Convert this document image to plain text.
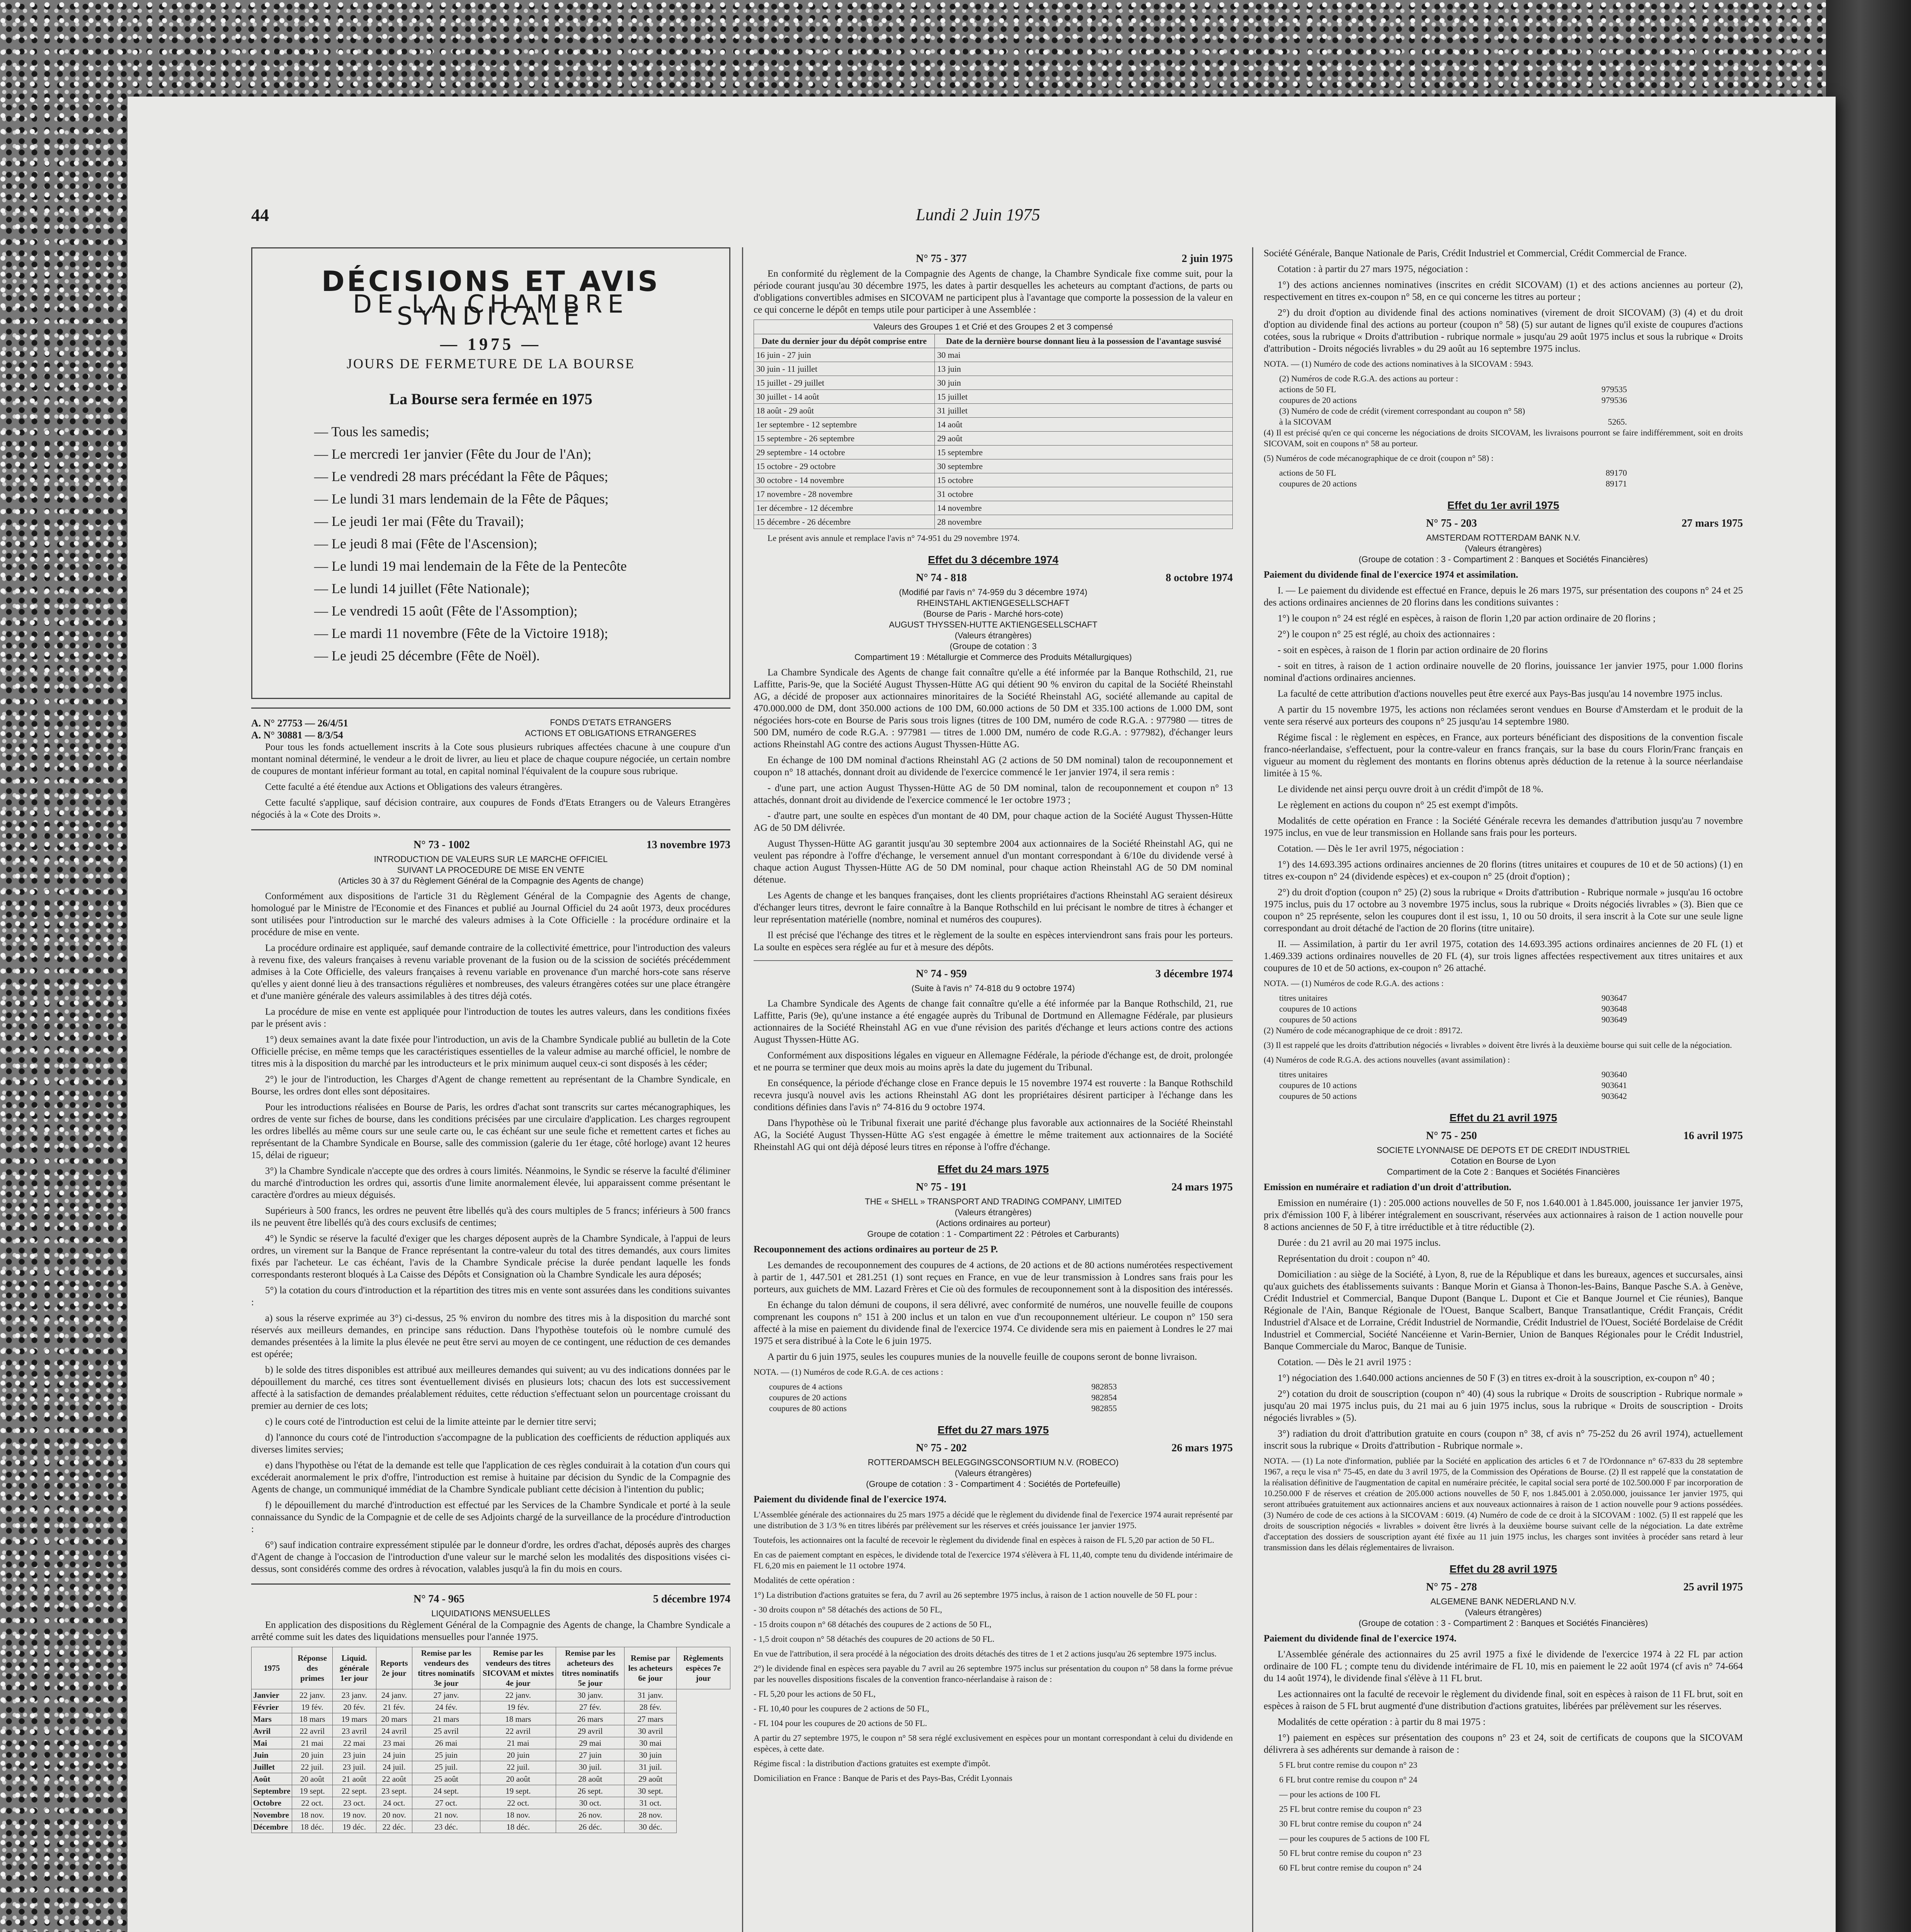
44	Lundi 2 Juin 1975
DÉCISIONS ET AVIS
DE LA CHAMBRE SYNDICALE
— 1975 —
JOURS DE FERMETURE DE LA BOURSE
La Bourse sera fermée en 1975
— Tous les samedis;
— Le mercredi 1er janvier (Fête du Jour de l'An);
— Le vendredi 28 mars précédant la Fête de Pâques;
— Le lundi 31 mars lendemain de la Fête de Pâques;
— Le jeudi 1er mai (Fête du Travail);
— Le jeudi 8 mai (Fête de l'Ascension);
— Le lundi 19 mai lendemain de la Fête de la Pentecôte
— Le lundi 14 juillet (Fête Nationale);
— Le vendredi 15 août (Fête de l'Assomption);
— Le mardi 11 novembre (Fête de la Victoire 1918);
— Le jeudi 25 décembre (Fête de Noël).
A. N° 27753 — 26/4/51
A. N° 30881 — 8/3/54
FONDS D'ETATS ETRANGERS
ACTIONS ET OBLIGATIONS ETRANGERES

Pour tous les fonds actuellement inscrits à la Cote sous plusieurs rubriques affectées chacune à une coupure d'un montant nominal déterminé, le vendeur a le droit de livrer, au lieu et place de chaque coupure négociée, un certain nombre de coupures de montant inférieur formant au total, en capital nominal l'équivalent de la coupure sous rubrique.

Cette faculté a été étendue aux Actions et Obligations des valeurs étrangères.

Cette faculté s'applique, sauf décision contraire, aux coupures de Fonds d'Etats Etrangers ou de Valeurs Etrangères négociés à la « Cote des Droits ».

N° 73 - 1002	13 novembre 1973
INTRODUCTION DE VALEURS SUR LE MARCHE OFFICIEL
SUIVANT LA PROCEDURE DE MISE EN VENTE
(Articles 30 à 37 du Règlement Général de la Compagnie des Agents de change)

Conformément aux dispositions de l'article 31 du Règlement Général de la Compagnie des Agents de change, homologué par le Ministre de l'Economie et des Finances et publié au Journal Officiel du 24 août 1973, deux procédures sont utilisées pour l'introduction sur le marché des valeurs admises à la Cote Officielle : la procédure ordinaire et la procédure de mise en vente.

La procédure ordinaire est appliquée, sauf demande contraire de la collectivité émettrice, pour l'introduction des valeurs à revenu fixe, des valeurs françaises à revenu variable provenant de la fusion ou de la scission de sociétés précédemment admises à la Cote Officielle, des valeurs françaises à revenu variable en provenance d'un marché hors-cote sans réserve qu'elles y aient donné lieu à des transactions régulières et nombreuses, des valeurs étrangères cotées sur une place étrangère et d'une manière générale des valeurs assimilables à des titres déjà cotés.

La procédure de mise en vente est appliquée pour l'introduction de toutes les autres valeurs, dans les conditions fixées par le présent avis :

1°) deux semaines avant la date fixée pour l'introduction, un avis de la Chambre Syndicale publié au bulletin de la Cote Officielle précise, en même temps que les caractéristiques essentielles de la valeur admise au marché officiel, le nombre de titres mis à la disposition du marché par les introducteurs et le prix minimum auquel ceux-ci sont disposés à les céder;

2°) le jour de l'introduction, les Charges d'Agent de change remettent au représentant de la Chambre Syndicale, en Bourse, les ordres dont elles sont dépositaires.

Pour les introductions réalisées en Bourse de Paris, les ordres d'achat sont transcrits sur cartes mécanographiques, les ordres de vente sur fiches de bourse, dans les conditions précisées par une circulaire d'application. Les charges regroupent les ordres libellés au même cours sur une seule carte ou, le cas échéant sur une seule fiche et remettent cartes et fiches au représentant de la Chambre Syndicale en Bourse, salle des commission (galerie du 1er étage, côté horloge) avant 12 heures 15, délai de rigueur;

3°) la Chambre Syndicale n'accepte que des ordres à cours limités. Néanmoins, le Syndic se réserve la faculté d'éliminer du marché d'introduction les ordres qui, assortis d'une limite anormalement élevée, lui apparaissent comme présentant le caractère d'ordres au mieux déguisés.

Supérieurs à 500 francs, les ordres ne peuvent être libellés qu'à des cours multiples de 5 francs; inférieurs à 500 francs ils ne peuvent être libellés qu'à des cours exclusifs de centimes;

4°) le Syndic se réserve la faculté d'exiger que les charges déposent auprès de la Chambre Syndicale, à l'appui de leurs ordres, un virement sur la Banque de France représentant la contre-valeur du total des titres demandés, aux cours limites fixés par l'acheteur. Le cas échéant, l'avis de la Chambre Syndicale précise la durée pendant laquelle les fonds correspondants resteront bloqués à La Caisse des Dépôts et Consignation où la Chambre Syndicale les aura déposés;

5°) la cotation du cours d'introduction et la répartition des titres mis en vente sont assurées dans les conditions suivantes :

a) sous la réserve exprimée au 3°) ci-dessus, 25 % environ du nombre des titres mis à la disposition du marché sont réservés aux meilleurs demandes, en principe sans réduction. Dans l'hypothèse toutefois où le nombre cumulé des demandes présentées à la limite la plus élevée ne peut être servi au moyen de ce contingent, une réduction de ces demandes est opérée;

b) le solde des titres disponibles est attribué aux meilleures demandes qui suivent; au vu des indications données par le dépouillement du marché, ces titres sont éventuellement divisés en plusieurs lots; chacun des lots est successivement affecté à la satisfaction de demandes préalablement réduites, cette réduction s'effectuant selon un pourcentage croissant du premier au dernier de ces lots;

c) le cours coté de l'introduction est celui de la limite atteinte par le dernier titre servi;

d) l'annonce du cours coté de l'introduction s'accompagne de la publication des coefficients de réduction appliqués aux diverses limites servies;

e) dans l'hypothèse ou l'état de la demande est telle que l'application de ces règles conduirait à la cotation d'un cours qui excéderait anormalement le prix d'offre, l'introduction est remise à huitaine par décision du Syndic de la Compagnie des Agents de change, un communiqué immédiat de la Chambre Syndicale publiant cette décision à l'intention du public;

f) le dépouillement du marché d'introduction est effectué par les Services de la Chambre Syndicale et porté à la seule connaissance du Syndic de la Compagnie et de celle de ses Adjoints chargé de la surveillance de la procédure d'introduction :

6°) sauf indication contraire expressément stipulée par le donneur d'ordre, les ordres d'achat, déposés auprès des charges d'Agent de change à l'occasion de l'introduction d'une valeur sur le marché selon les modalités des dispositions visées ci-dessus, sont considérés comme des ordres à révocation, valables jusqu'à la fin du mois en cours.

N° 74 - 965	5 décembre 1974
LIQUIDATIONS MENSUELLES

En application des dispositions du Règlement Général de la Compagnie des Agents de change, la Chambre Syndicale a arrêté comme suit les dates des liquidations mensuelles pour l'année 1975.

1975	Réponse des primes	Liquid. générale 1er jour	Reports 2e jour	Remise par les vendeurs des titres nominatifs 3e jour	Remise par les vendeurs des titres SICOVAM et mixtes 4e jour	Remise par les acheteurs des titres nominatifs 5e jour	Remise par les acheteurs 6e jour	Règlements espèces 7e jour
Janvier	22 janv.	23 janv.	24 janv.	27 janv.	22 janv.	30 janv.	31 janv.	
Février	19 fév.	20 fév.	21 fév.	24 fév.	19 fév.	27 fév.	28 fév.	
Mars	18 mars	19 mars	20 mars	21 mars	18 mars	26 mars	27 mars	
Avril	22 avril	23 avril	24 avril	25 avril	22 avril	29 avril	30 avril	
Mai	21 mai	22 mai	23 mai	26 mai	21 mai	29 mai	30 mai	
Juin	20 juin	23 juin	24 juin	25 juin	20 juin	27 juin	30 juin	
Juillet	22 juil.	23 juil.	24 juil.	25 juil.	22 juil.	30 juil.	31 juil.	
Août	20 août	21 août	22 août	25 août	20 août	28 août	29 août	
Septembre	19 sept.	22 sept.	23 sept.	24 sept.	19 sept.	26 sept.	30 sept.	
Octobre	22 oct.	23 oct.	24 oct.	27 oct.	22 oct.	30 oct.	31 oct.	
Novembre	18 nov.	19 nov.	20 nov.	21 nov.	18 nov.	26 nov.	28 nov.	
Décembre	18 déc.	19 déc.	22 déc.	23 déc.	18 déc.	26 déc.	30 déc.	
N° 75 - 377	2 juin 1975

En conformité du règlement de la Compagnie des Agents de change, la Chambre Syndicale fixe comme suit, pour la période courant jusqu'au 30 décembre 1975, les dates à partir desquelles les acheteurs au comptant d'actions, de parts ou d'obligations convertibles admises en SICOVAM ne participent plus à l'avantage que comporte la possession de la valeur en ce qui concerne le dépôt en temps utile pour participer à une Assemblée :

Valeurs des Groupes 1 et Crié et des Groupes 2 et 3 compensé
Date du dernier jour du dépôt comprise entre	Date de la dernière bourse donnant lieu à la possession de l'avantage susvisé
16 juin - 27 juin	30 mai
30 juin - 11 juillet	13 juin
15 juillet - 29 juillet	30 juin
30 juillet - 14 août	15 juillet
18 août - 29 août	31 juillet
1er septembre - 12 septembre	14 août
15 septembre - 26 septembre	29 août
29 septembre - 14 octobre	15 septembre
15 octobre - 29 octobre	30 septembre
30 octobre - 14 novembre	15 octobre
17 novembre - 28 novembre	31 octobre
1er décembre - 12 décembre	14 novembre
15 décembre - 26 décembre	28 novembre

Le présent avis annule et remplace l'avis n° 74-951 du 29 novembre 1974.

Effet du 3 décembre 1974
N° 74 - 818	8 octobre 1974
(Modifié par l'avis n° 74-959 du 3 décembre 1974)
RHEINSTAHL AKTIENGESELLSCHAFT
(Bourse de Paris - Marché hors-cote)
AUGUST THYSSEN-HUTTE AKTIENGESELLSCHAFT
(Valeurs étrangères)
(Groupe de cotation : 3
Compartiment 19 : Métallurgie et Commerce des Produits Métallurgiques)

La Chambre Syndicale des Agents de change fait connaître qu'elle a été informée par la Banque Rothschild, 21, rue Laffitte, Paris-9e, que la Société August Thyssen-Hütte AG qui détient 90 % environ du capital de la Société Rheinstahl AG, a décidé de proposer aux actionnaires minoritaires de la Société Rheinstahl AG, société allemande au capital de 470.000.000 de DM, dont 350.000 actions de 100 DM, 60.000 actions de 50 DM et 335.100 actions de 1.000 DM, sont négociées hors-cote en Bourse de Paris sous trois lignes (titres de 100 DM, numéro de code R.G.A. : 977980 — titres de 500 DM, numéro de code R.G.A. : 977981 — titres de 1.000 DM, numéro de code R.G.A. : 977982), d'échanger leurs actions Rheinstahl AG contre des actions August Thyssen-Hütte AG.

En échange de 100 DM nominal d'actions Rheinstahl AG (2 actions de 50 DM nominal) talon de recouponnement et coupon n° 18 attachés, donnant droit au dividende de l'exercice commencé le 1er janvier 1974, il sera remis :

- d'une part, une action August Thyssen-Hütte AG de 50 DM nominal, talon de recouponnement et coupon n° 13 attachés, donnant droit au dividende de l'exercice commencé le 1er octobre 1973 ;

- d'autre part, une soulte en espèces d'un montant de 40 DM, pour chaque action de la Société August Thyssen-Hütte AG de 50 DM délivrée.

August Thyssen-Hütte AG garantit jusqu'au 30 septembre 2004 aux actionnaires de la Société Rheinstahl AG, qui ne veulent pas répondre à l'offre d'échange, le versement annuel d'un montant correspondant à 6/10e du dividende versé à chaque action August Thyssen-Hütte AG de 50 DM nominal, pour chaque action Rheinstahl AG de 50 DM nominal détenue.

Les Agents de change et les banques françaises, dont les clients propriétaires d'actions Rheinstahl AG seraient désireux d'échanger leurs titres, devront le faire connaître à la Banque Rothschild en lui précisant le nombre de titres à échanger et leur représentation matérielle (nombre, nominal et numéros des coupures).

Il est précisé que l'échange des titres et le règlement de la soulte en espèces interviendront sans frais pour les porteurs. La soulte en espèces sera réglée au fur et à mesure des dépôts.

N° 74 - 959	3 décembre 1974
(Suite à l'avis n° 74-818 du 9 octobre 1974)

La Chambre Syndicale des Agents de change fait connaître qu'elle a été informée par la Banque Rothschild, 21, rue Laffitte, Paris (9e), qu'une instance a été engagée auprès du Tribunal de Dortmund en Allemagne Fédérale, par plusieurs actionnaires de la Société Rheinstahl AG en vue d'une révision des parités d'échange et leurs actions contre des actions August Thyssen-Hütte AG.

Conformément aux dispositions légales en vigueur en Allemagne Fédérale, la période d'échange est, de droit, prolongée et ne pourra se terminer que deux mois au moins après la date du jugement du Tribunal.

En conséquence, la période d'échange close en France depuis le 15 novembre 1974 est rouverte : la Banque Rothschild recevra jusqu'à nouvel avis les actions Rheinstahl AG dont les propriétaires désirent participer à l'échange dans les conditions définies dans l'avis n° 74-816 du 9 octobre 1974.

Dans l'hypothèse où le Tribunal fixerait une parité d'échange plus favorable aux actionnaires de la Société Rheinstahl AG, la Société August Thyssen-Hütte AG s'est engagée à émettre le même traitement aux actionnaires de la Société Rheinstahl AG qui ont déjà déposé leurs titres en réponse à l'offre d'échange.

Effet du 24 mars 1975
N° 75 - 191	24 mars 1975
THE « SHELL » TRANSPORT AND TRADING COMPANY, LIMITED
(Valeurs étrangères)
(Actions ordinaires au porteur)
Groupe de cotation : 1 - Compartiment 22 : Pétroles et Carburants)

Recouponnement des actions ordinaires au porteur de 25 P.

Les demandes de recouponnement des coupures de 4 actions, de 20 actions et de 80 actions numérotées respectivement à partir de 1, 447.501 et 281.251 (1) sont reçues en France, en vue de leur transmission à Londres sans frais pour les porteurs, aux guichets de MM. Lazard Frères et Cie où des formules de recouponnement sont à la disposition des intéressés.

En échange du talon démuni de coupons, il sera délivré, avec conformité de numéros, une nouvelle feuille de coupons comprenant les coupons n° 151 à 200 inclus et un talon en vue d'un recouponnement ultérieur. Le coupon n° 150 sera affecté à la mise en paiement du dividende final de l'exercice 1974. Ce dividende sera mis en paiement à Londres le 27 mai 1975 et sera distribué à la Cote le 6 juin 1975.

A partir du 6 juin 1975, seules les coupures munies de la nouvelle feuille de coupons seront de bonne livraison.

NOTA. — (1) Numéros de code R.G.A. de ces actions :

coupures de 4 actions	982853
coupures de 20 actions	982854
coupures de 80 actions	982855
Effet du 27 mars 1975
N° 75 - 202	26 mars 1975
ROTTERDAMSCH BELEGGINGSCONSORTIUM N.V. (ROBECO)
(Valeurs étrangères)
(Groupe de cotation : 3 - Compartiment 4 : Sociétés de Portefeuille)

Paiement du dividende final de l'exercice 1974.

L'Assemblée générale des actionnaires du 25 mars 1975 a décidé que le règlement du dividende final de l'exercice 1974 aurait représenté par une distribution de 3 1/3 % en titres libérés par prélèvement sur les réserves et créés jouissance 1er janvier 1975.

Toutefois, les actionnaires ont la faculté de recevoir le règlement du dividende final en espèces à raison de FL 5,20 par action de 50 FL.

En cas de paiement comptant en espèces, le dividende total de l'exercice 1974 s'élèvera à FL 11,40, compte tenu du dividende intérimaire de FL 6,20 mis en paiement le 11 octobre 1974.

Modalités de cette opération :

1°) La distribution d'actions gratuites se fera, du 7 avril au 26 septembre 1975 inclus, à raison de 1 action nouvelle de 50 FL pour :

- 30 droits coupon n° 58 détachés des actions de 50 FL,

- 15 droits coupon n° 68 détachés des coupures de 2 actions de 50 FL,

- 1,5 droit coupon n° 58 détachés des coupures de 20 actions de 50 FL.

En vue de l'attribution, il sera procédé à la négociation des droits détachés des titres de 1 et 2 actions jusqu'au 26 septembre 1975 inclus.

2°) le dividende final en espèces sera payable du 7 avril au 26 septembre 1975 inclus sur présentation du coupon n° 58 dans la forme prévue par les nouvelles dispositions fiscales de la convention franco-néerlandaise à raison de :

- FL 5,20 pour les actions de 50 FL,

- FL 10,40 pour les coupures de 2 actions de 50 FL,

- FL 104 pour les coupures de 20 actions de 50 FL.

A partir du 27 septembre 1975, le coupon n° 58 sera réglé exclusivement en espèces pour un montant correspondant à celui du dividende en espèces, à cette date.

Régime fiscal : la distribution d'actions gratuites est exempte d'impôt.

Domiciliation en France : Banque de Paris et des Pays-Bas, Crédit Lyonnais

Société Générale, Banque Nationale de Paris, Crédit Industriel et Commercial, Crédit Commercial de France.

Cotation : à partir du 27 mars 1975, négociation :

1°) des actions anciennes nominatives (inscrites en crédit SICOVAM) (1) et des actions anciennes au porteur (2), respectivement en titres ex-coupon n° 58, en ce qui concerne les titres au porteur ;

2°) du droit d'option au dividende final des actions nominatives (virement de droit SICOVAM) (3) (4) et du droit d'option au dividende final des actions au porteur (coupon n° 58) (5) sur autant de lignes qu'il existe de coupures d'actions cotées, sous la rubrique « Droits d'attribution - rubrique normale » jusqu'au 29 août 1975 inclus et sous la rubrique « Droits d'attribution - Droits négociés livrables » du 29 août au 16 septembre 1975 inclus.

NOTA. — (1) Numéro de code des actions nominatives à la SICOVAM : 5943.

(2) Numéros de code R.G.A. des actions au porteur :
actions de 50 FL	979535
coupures de 20 actions	979536
(3) Numéro de code de crédit (virement correspondant au coupon n° 58)
à la SICOVAM	5265.

(4) Il est précisé qu'en ce qui concerne les négociations de droits SICOVAM, les livraisons pourront se faire indifféremment, soit en droits SICOVAM, soit en coupons n° 58 au porteur.

(5) Numéros de code mécanographique de ce droit (coupon n° 58) :

actions de 50 FL	89170
coupures de 20 actions	89171
Effet du 1er avril 1975
N° 75 - 203	27 mars 1975
AMSTERDAM ROTTERDAM BANK N.V.
(Valeurs étrangères)
(Groupe de cotation : 3 - Compartiment 2 : Banques et Sociétés Financières)

Paiement du dividende final de l'exercice 1974 et assimilation.

I. — Le paiement du dividende est effectué en France, depuis le 26 mars 1975, sur présentation des coupons n° 24 et 25 des actions ordinaires anciennes de 20 florins dans les conditions suivantes :

1°) le coupon n° 24 est réglé en espèces, à raison de florin 1,20 par action ordinaire de 20 florins ;

2°) le coupon n° 25 est réglé, au choix des actionnaires :

- soit en espèces, à raison de 1 florin par action ordinaire de 20 florins

- soit en titres, à raison de 1 action ordinaire nouvelle de 20 florins, jouissance 1er janvier 1975, pour 1.000 florins nominal d'actions ordinaires anciennes.

La faculté de cette attribution d'actions nouvelles peut être exercé aux Pays-Bas jusqu'au 14 novembre 1975 inclus.

A partir du 15 novembre 1975, les actions non réclamées seront vendues en Bourse d'Amsterdam et le produit de la vente sera réservé aux porteurs des coupons n° 25 jusqu'au 14 septembre 1980.

Régime fiscal : le règlement en espèces, en France, aux porteurs bénéficiant des dispositions de la convention fiscale franco-néerlandaise, s'effectuent, pour la contre-valeur en francs français, sur la base du cours Florin/Franc français en vigueur au moment du règlement des montants en florins obtenus après déduction de la retenue à la source néerlandaise limitée à 15 %.

Le dividende net ainsi perçu ouvre droit à un crédit d'impôt de 18 %.

Le règlement en actions du coupon n° 25 est exempt d'impôts.

Modalités de cette opération en France : la Société Générale recevra les demandes d'attribution jusqu'au 7 novembre 1975 inclus, en vue de leur transmission en Hollande sans frais pour les porteurs.

Cotation. — Dès le 1er avril 1975, négociation :

1°) des 14.693.395 actions ordinaires anciennes de 20 florins (titres unitaires et coupures de 10 et de 50 actions) (1) en titres ex-coupon n° 24 (dividende espèces) et ex-coupon n° 25 (droit d'option) ;

2°) du droit d'option (coupon n° 25) (2) sous la rubrique « Droits d'attribution - Rubrique normale » jusqu'au 16 octobre 1975 inclus, puis du 17 octobre au 3 novembre 1975 inclus, sous la rubrique « Droits négociés livrables » (3). Bien que ce coupon n° 25 représente, selon les coupures dont il est issu, 1, 10 ou 50 droits, il sera inscrit à la Cote sur une seule ligne correspondant au droit détaché de l'action de 20 florins (titre unitaire).

II. — Assimilation, à partir du 1er avril 1975, cotation des 14.693.395 actions ordinaires anciennes de 20 FL (1) et 1.469.339 actions ordinaires nouvelles de 20 FL (4), sur trois lignes affectées respectivement aux titres unitaires et aux coupures de 10 et de 50 actions, ex-coupon n° 26 attaché.

NOTA. — (1) Numéros de code R.G.A. des actions :

titres unitaires	903647
coupures de 10 actions	903648
coupures de 50 actions	903649

(2) Numéro de code mécanographique de ce droit : 89172.

(3) Il est rappelé que les droits d'attribution négociés « livrables » doivent être livrés à la deuxième bourse qui suit celle de la négociation.

(4) Numéros de code R.G.A. des actions nouvelles (avant assimilation) :

titres unitaires	903640
coupures de 10 actions	903641
coupures de 50 actions	903642
Effet du 21 avril 1975
N° 75 - 250	16 avril 1975
SOCIETE LYONNAISE DE DEPOTS ET DE CREDIT INDUSTRIEL
Cotation en Bourse de Lyon
Compartiment de la Cote 2 : Banques et Sociétés Financières

Emission en numéraire et radiation d'un droit d'attribution.

Emission en numéraire (1) : 205.000 actions nouvelles de 50 F, nos 1.640.001 à 1.845.000, jouissance 1er janvier 1975, prix d'émission 100 F, à libérer intégralement en souscrivant, réservées aux actionnaires à raison de 1 action nouvelle pour 8 actions anciennes de 50 F, à titre irréductible et à titre réductible (2).

Durée : du 21 avril au 20 mai 1975 inclus.

Représentation du droit : coupon n° 40.

Domiciliation : au siège de la Société, à Lyon, 8, rue de la République et dans les bureaux, agences et succursales, ainsi qu'aux guichets des établissements suivants : Banque Morin et Giansa à Thonon-les-Bains, Banque Pasche S.A. à Genève, Crédit Industriel et Commercial, Banque Dupont (Banque L. Dupont et Cie et Banque Journel et Cie réunies), Banque Régionale de l'Ain, Banque Régionale de l'Ouest, Banque Scalbert, Banque Transatlantique, Crédit Français, Crédit Industriel d'Alsace et de Lorraine, Crédit Industriel de Normandie, Crédit Industriel de l'Ouest, Société Bordelaise de Crédit Industriel et Commercial, Société Nancéienne et Varin-Bernier, Union de Banques Régionales pour le Crédit Industriel, Banque Commerciale du Maroc, Banque de Tunisie.

Cotation. — Dès le 21 avril 1975 :

1°) négociation des 1.640.000 actions anciennes de 50 F (3) en titres ex-droit à la souscription, ex-coupon n° 40 ;

2°) cotation du droit de souscription (coupon n° 40) (4) sous la rubrique « Droits de souscription - Rubrique normale » jusqu'au 20 mai 1975 inclus puis, du 21 mai au 6 juin 1975 inclus, sous la rubrique « Droits de souscription - Droits négociés livrables » (5).

3°) radiation du droit d'attribution gratuite en cours (coupon n° 38, cf avis n° 75-252 du 26 avril 1974), actuellement inscrit sous la rubrique « Droits d'attribution - Rubrique normale ».

NOTA. — (1) La note d'information, publiée par la Société en application des articles 6 et 7 de l'Ordonnance n° 67-833 du 28 septembre 1967, a reçu le visa n° 75-45, en date du 3 avril 1975, de la Commission des Opérations de Bourse. (2) Il est rappelé que la constatation de la réalisation définitive de l'augmentation de capital en numéraire précitée, le capital social sera porté de 102.500.000 F par incorporation de 10.250.000 F de réserves et création de 205.000 actions nouvelles de 50 F, nos 1.845.001 à 2.050.000, jouissance 1er janvier 1975, qui seront attribuées gratuitement aux actionnaires anciens et aux nouveaux actionnaires à raison de 1 action nouvelle pour 9 actions possédées. (3) Numéro de code de ces actions à la SICOVAM : 6019. (4) Numéro de code de ce droit à la SICOVAM : 1002. (5) Il est rappelé que les droits de souscription négociés « livrables » doivent être livrés à la deuxième bourse suivant celle de la négociation. La date extrême d'acceptation des dossiers de souscription ayant été fixée au 11 juin 1975 inclus, les charges sont invitées à procéder sans retard à leur transmission dans les délais réglementaires de livraison.

Effet du 28 avril 1975
N° 75 - 278	25 avril 1975
ALGEMENE BANK NEDERLAND N.V.
(Valeurs étrangères)
(Groupe de cotation : 3 - Compartiment 2 : Banques et Sociétés Financières)

Paiement du dividende final de l'exercice 1974.

L'Assemblée générale des actionnaires du 25 avril 1975 a fixé le dividende de l'exercice 1974 à 22 FL par action ordinaire de 100 FL ; compte tenu du dividende intérimaire de FL 10, mis en paiement le 22 août 1974 (cf avis n° 74-664 du 14 août 1974), le dividende final s'élève à 11 FL brut.

Les actionnaires ont la faculté de recevoir le règlement du dividende final, soit en espèces à raison de 11 FL brut, soit en espèces à raison de 5 FL brut augmenté d'une distribution d'actions gratuites, libérées par prélèvement sur les réserves.

Modalités de cette opération : à partir du 8 mai 1975 :

1°) paiement en espèces sur présentation des coupons n° 23 et 24, soit de certificats de coupons que la SICOVAM délivrera à ses adhérents sur demande à raison de :

5 FL brut contre remise du coupon n° 23

6 FL brut contre remise du coupon n° 24

— pour les actions de 100 FL

25 FL brut contre remise du coupon n° 23

30 FL brut contre remise du coupon n° 24

— pour les coupures de 5 actions de 100 FL

50 FL brut contre remise du coupon n° 23

60 FL brut contre remise du coupon n° 24
